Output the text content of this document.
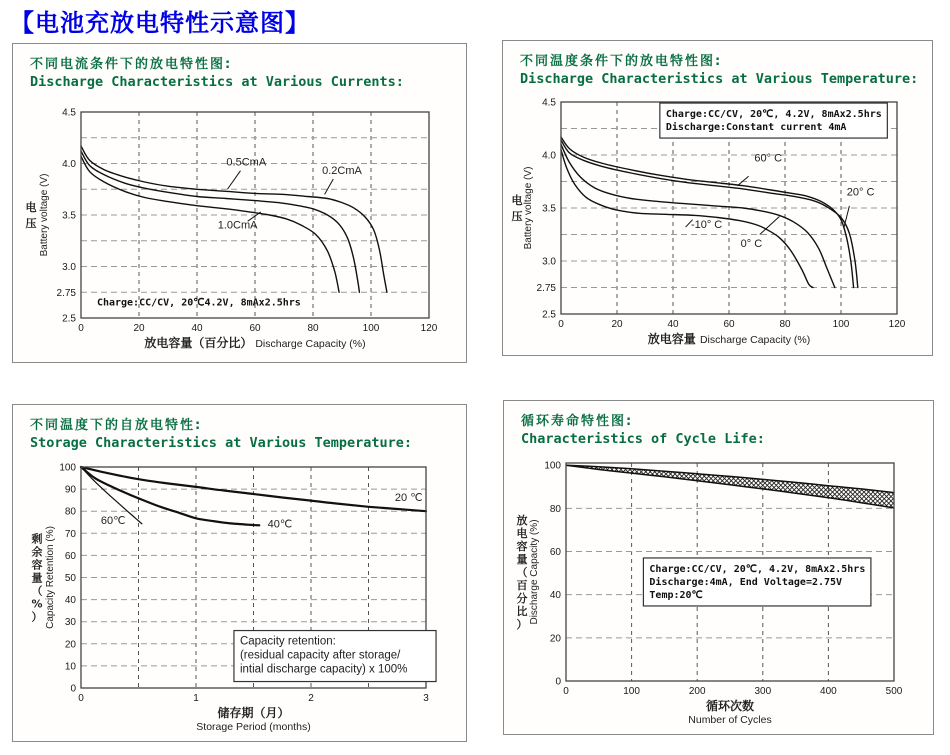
【电池充放电特性示意图】
不同电流条件下的放电特性图:
Discharge Characteristics at Various Currents:
4.5
4.0
3.5
3.0
2.75
2.5
0	20	40	60	80	100	120
0.5CmA
0.2CmA
1.0CmA
Charge:CC/CV, 20℃4.2V, 8mAx2.5hrs
电
压 Battery voltage (V)
放电容量（百分比） Discharge Capacity (%)
不同温度条件下的放电特性图:
Discharge Characteristics at Various Temperature:
4.5
4.0
3.5
3.0
2.75
2.5
0	20	40	60	80	100	120
60° C
20° C
-10° C
0° C
Charge:CC/CV, 20℃, 4.2V, 8mAx2.5hrs
Discharge:Constant current 4mA
电
压 Battery voltage (V)
放电容量 Discharge Capacity (%)
不同温度下的自放电特性:
Storage Characteristics at Various Temperature:
100
90
80
70
60
50
40
30
20
10
0
0	1	2	3
60℃	40℃
20 ℃
Capacity retention:
(residual capacity after storage/
intial discharge capacity) x 100%
剩
余
容
量
（
%
） Capacity Retention (%)
储存期（月）
Storage Period (months)
循环寿命特性图:
Characteristics of Cycle Life:
100
80
60
40
20
0
0	100	200	300	400	500
Charge:CC/CV, 20℃, 4.2V, 8mAx2.5hrs
Discharge:4mA, End Voltage=2.75V
Temp:20℃
放
电
容
量
（
百
分
比
） Discharge Capacity (%)
循环次数
Number of Cycles
